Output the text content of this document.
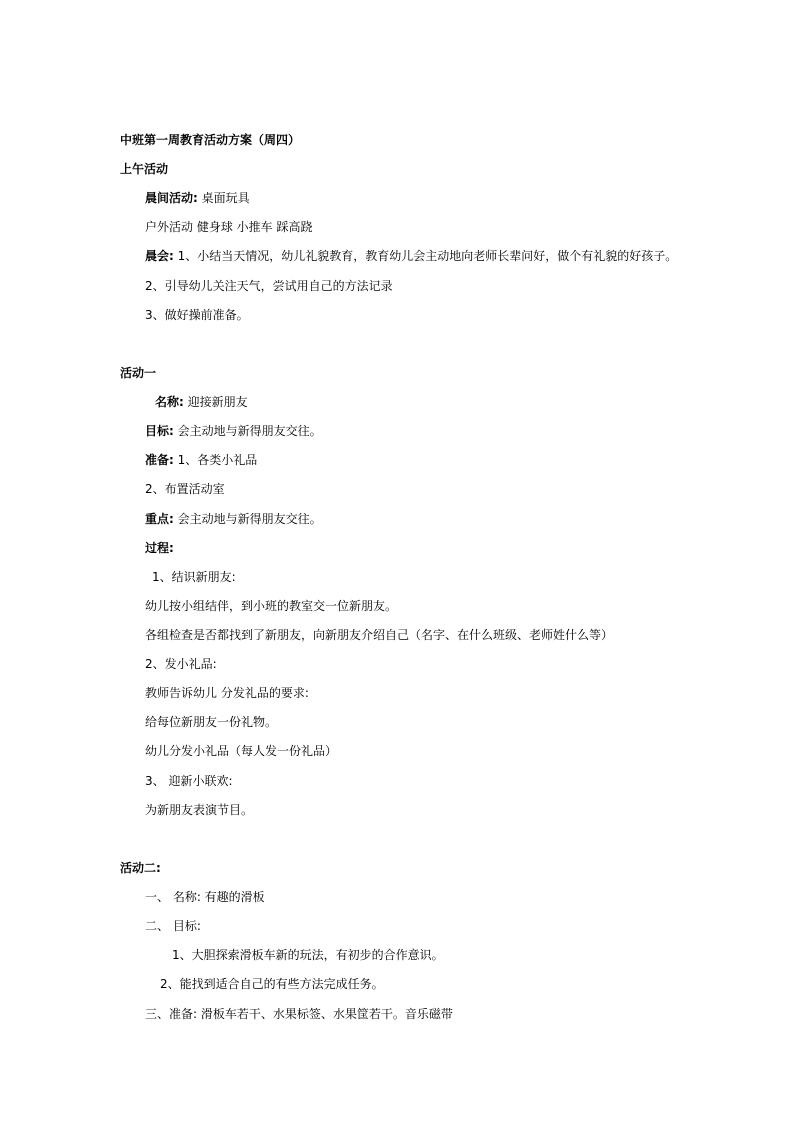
中班第一周教育活动方案（周四）
上午活动
晨间活动: 桌面玩具
户外活动 健身球 小推车 踩高跷
晨会: 1、小结当天情况，幼儿礼貌教育，教育幼儿会主动地向老师长辈问好，做个有礼貌的好孩子。
2、引导幼儿关注天气，尝试用自己的方法记录
3、做好操前准备。
活动一
名称: 迎接新朋友
目标: 会主动地与新得朋友交往。
准备: 1、各类小礼品
2、布置活动室
重点: 会主动地与新得朋友交往。
过程:
1、结识新朋友:
幼儿按小组结伴，到小班的教室交一位新朋友。
各组检查是否都找到了新朋友，向新朋友介绍自己（名字、在什么班级、老师姓什么等）
2、发小礼品:
教师告诉幼儿 分发礼品的要求:
给每位新朋友一份礼物。
幼儿分发小礼品（每人发一份礼品）
3、 迎新小联欢:
为新朋友表演节目。
活动二:
一、 名称: 有趣的滑板
二、 目标:
1、大胆探索滑板车新的玩法，有初步的合作意识。
2、能找到适合自己的有些方法完成任务。
三、准备: 滑板车若干、水果标签、水果筐若干。音乐磁带
